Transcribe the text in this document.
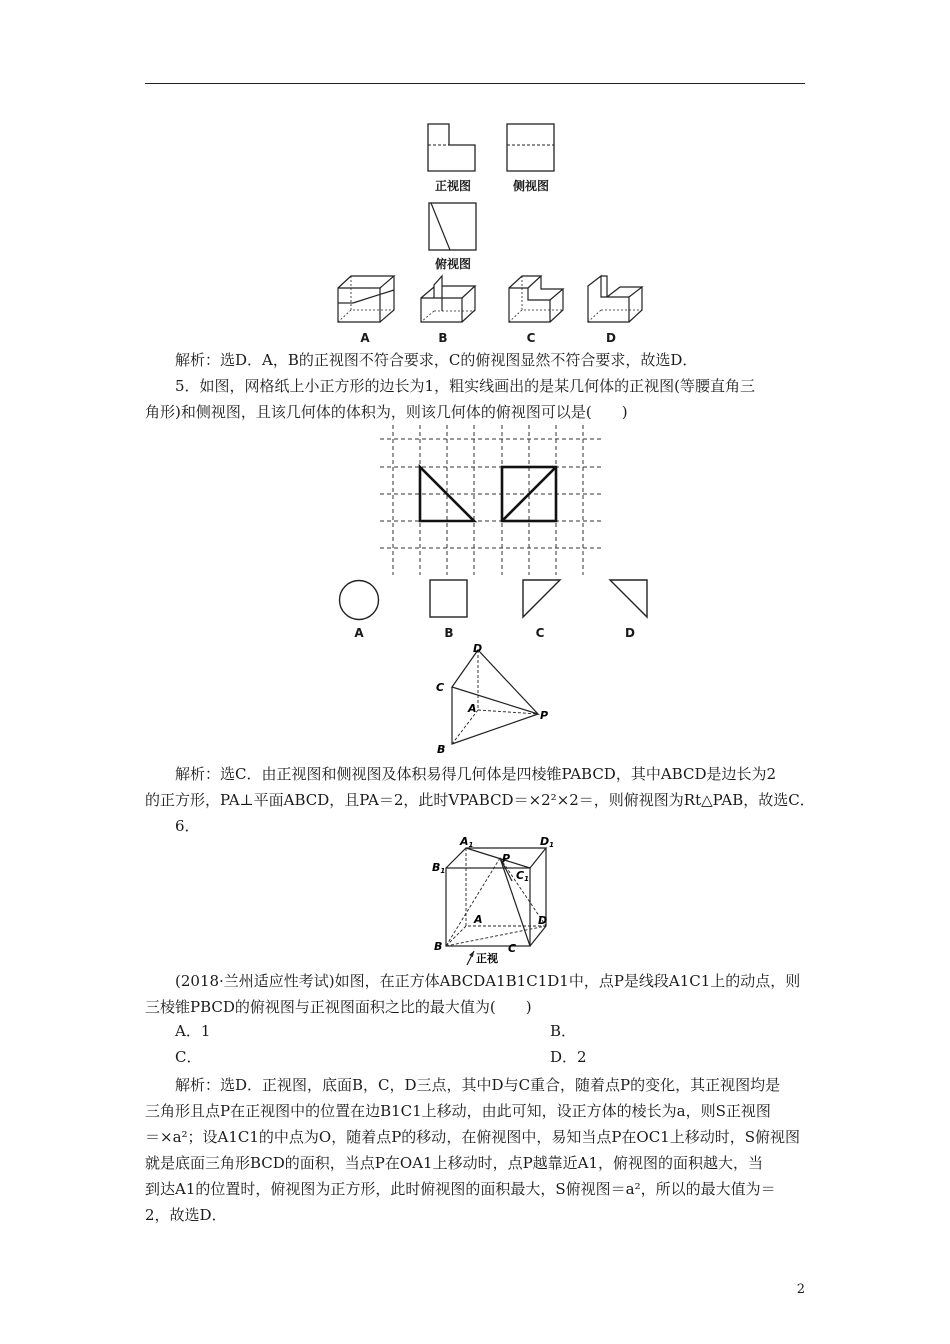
正视图	侧视图
俯视图
A	B	C	D
解析：选D．A，B的正视图不符合要求，C的俯视图显然不符合要求，故选D．
5．如图，网格纸上小正方形的边长为1，粗实线画出的是某几何体的正视图(等腰直角三
角形)和侧视图，且该几何体的体积为，则该几何体的俯视图可以是(　　)
A	B	C	D
D
C
A
P
B
解析：选C．由正视图和侧视图及体积易得几何体是四棱锥PABCD，其中ABCD是边长为2
的正方形，PA⊥平面ABCD，且PA＝2，此时VPABCD＝×2²×2＝，则俯视图为Rt△PAB，故选C．
6．
A1	D1
B1
P
C1
A	D
B	C
正视
(2018·兰州适应性考试)如图，在正方体ABCDA1B1C1D1中，点P是线段A1C1上的动点，则
三棱锥PBCD的俯视图与正视图面积之比的最大值为(　　)
A．1	B．
C．	D．2
解析：选D．正视图，底面B，C，D三点，其中D与C重合，随着点P的变化，其正视图均是
三角形且点P在正视图中的位置在边B1C1上移动，由此可知，设正方体的棱长为a，则S正视图
＝×a²；设A1C1的中点为O，随着点P的移动，在俯视图中，易知当点P在OC1上移动时，S俯视图
就是底面三角形BCD的面积，当点P在OA1上移动时，点P越靠近A1，俯视图的面积越大，当
到达A1的位置时，俯视图为正方形，此时俯视图的面积最大，S俯视图＝a²，所以的最大值为＝
2，故选D．
2
